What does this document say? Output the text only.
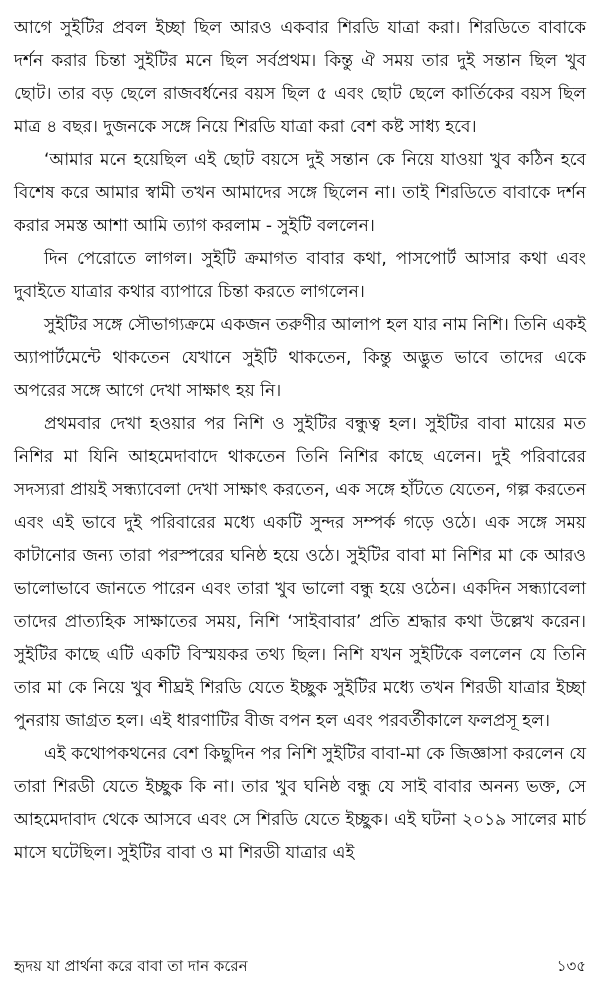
আগে সুইটির প্রবল ইচ্ছা ছিল আরও একবার শিরডি যাত্রা করা। শিরডিতে বাবাকে দর্শন করার চিন্তা সুইটির মনে ছিল সর্বপ্রথম। কিন্তু ঐ সময় তার দুই সন্তান ছিল খুব ছোট। তার বড় ছেলে রাজবর্ধনের বয়স ছিল ৫ এবং ছোট ছেলে কার্তিকের বয়স ছিল মাত্র ৪ বছর। দুজনকে সঙ্গে নিয়ে শিরডি যাত্রা করা বেশ কষ্ট সাধ্য হবে।

‘আমার মনে হয়েছিল এই ছোট বয়সে দুই সন্তান কে নিয়ে যাওয়া খুব কঠিন হবে বিশেষ করে আমার স্বামী তখন আমাদের সঙ্গে ছিলেন না। তাই শিরডিতে বাবাকে দর্শন করার সমস্ত আশা আমি ত্যাগ করলাম - সুইটি বললেন।

দিন পেরোতে লাগল। সুইটি ক্রমাগত বাবার কথা, পাসপোর্ট আসার কথা এবং দুবাইতে যাত্রার কথার ব্যাপারে চিন্তা করতে লাগলেন।

সুইটির সঙ্গে সৌভাগ্যক্রমে একজন তরুণীর আলাপ হল যার নাম নিশি। তিনি একই অ্যাপার্টমেন্টে থাকতেন যেখানে সুইটি থাকতেন, কিন্তু অদ্ভুত ভাবে তাদের একে অপরের সঙ্গে আগে দেখা সাক্ষাৎ হয় নি।

প্রথমবার দেখা হওয়ার পর নিশি ও সুইটির বন্ধুত্ব হল। সুইটির বাবা মায়ের মত নিশির মা যিনি আহমেদাবাদে থাকতেন তিনি নিশির কাছে এলেন। দুই পরিবারের সদস্যরা প্রায়ই সন্ধ্যাবেলা দেখা সাক্ষাৎ করতেন, এক সঙ্গে হাঁটতে যেতেন, গল্প করতেন এবং এই ভাবে দুই পরিবারের মধ্যে একটি সুন্দর সম্পর্ক গড়ে ওঠে। এক সঙ্গে সময় কাটানোর জন্য তারা পরস্পরের ঘনিষ্ঠ হয়ে ওঠে। সুইটির বাবা মা নিশির মা কে আরও ভালোভাবে জানতে পারেন এবং তারা খুব ভালো বন্ধু হয়ে ওঠেন। একদিন সন্ধ্যাবেলা তাদের প্রাত্যহিক সাক্ষাতের সময়, নিশি ‘সাইবাবার’ প্রতি শ্রদ্ধার কথা উল্লেখ করেন। সুইটির কাছে এটি একটি বিস্ময়কর তথ্য ছিল। নিশি যখন সুইটিকে বললেন যে তিনি তার মা কে নিয়ে খুব শীঘ্রই শিরডি যেতে ইচ্ছুক সুইটির মধ্যে তখন শিরডী যাত্রার ইচ্ছা পুনরায় জাগ্রত হল। এই ধারণাটির বীজ বপন হল এবং পরবর্তীকালে ফলপ্রসূ হল।

এই কথোপকথনের বেশ কিছুদিন পর নিশি সুইটির বাবা-মা কে জিজ্ঞাসা করলেন যে তারা শিরডী যেতে ইচ্ছুক কি না। তার খুব ঘনিষ্ঠ বন্ধু যে সাই বাবার অনন্য ভক্ত, সে আহমেদাবাদ থেকে আসবে এবং সে শিরডি যেতে ইচ্ছুক। এই ঘটনা ২০১৯ সালের মার্চ মাসে ঘটেছিল। সুইটির বাবা ও মা শিরডী যাত্রার এই

হৃদয় যা প্রার্থনা করে বাবা তা দান করেন	১৩৫
